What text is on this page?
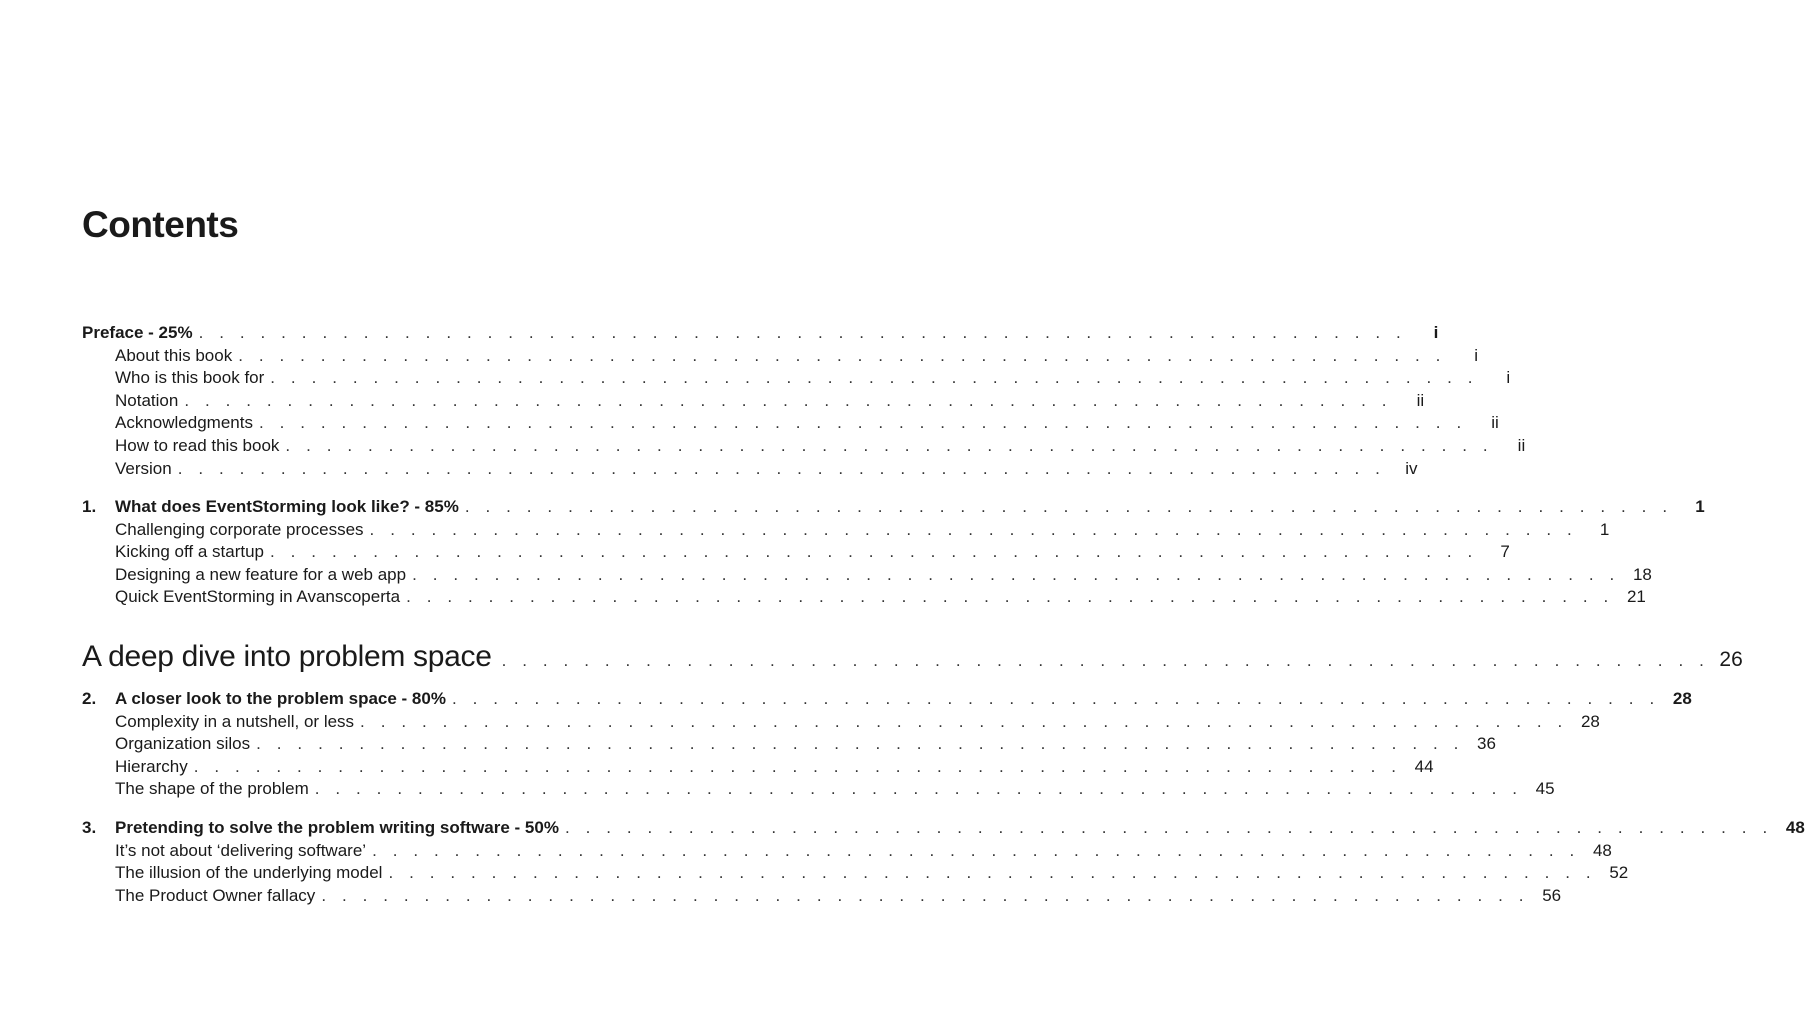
Contents
Preface - 25% . . . . . . . . . . . . . . . . . . . . . . . . . . . . . . . . . . . . . . . . . . . . . . . . . . . . . . . . . . .	i
About this book . . . . . . . . . . . . . . . . . . . . . . . . . . . . . . . . . . . . . . . . . . . . . . . . . . . . . . . . . . .	i
Who is this book for . . . . . . . . . . . . . . . . . . . . . . . . . . . . . . . . . . . . . . . . . . . . . . . . . . . . . . . . . . .	i
Notation . . . . . . . . . . . . . . . . . . . . . . . . . . . . . . . . . . . . . . . . . . . . . . . . . . . . . . . . . . .	ii
Acknowledgments . . . . . . . . . . . . . . . . . . . . . . . . . . . . . . . . . . . . . . . . . . . . . . . . . . . . . . . . . . .	ii
How to read this book . . . . . . . . . . . . . . . . . . . . . . . . . . . . . . . . . . . . . . . . . . . . . . . . . . . . . . . . . . .	ii
Version . . . . . . . . . . . . . . . . . . . . . . . . . . . . . . . . . . . . . . . . . . . . . . . . . . . . . . . . . . .	iv
1.	What does EventStorming look like? - 85% . . . . . . . . . . . . . . . . . . . . . . . . . . . . . . . . . . . . . . . . . . . . . . . . . . . . . . . . . . .	1
Challenging corporate processes . . . . . . . . . . . . . . . . . . . . . . . . . . . . . . . . . . . . . . . . . . . . . . . . . . . . . . . . . . .	1
Kicking off a startup . . . . . . . . . . . . . . . . . . . . . . . . . . . . . . . . . . . . . . . . . . . . . . . . . . . . . . . . . . .	7
Designing a new feature for a web app . . . . . . . . . . . . . . . . . . . . . . . . . . . . . . . . . . . . . . . . . . . . . . . . . . . . . . . . . . . 18
Quick EventStorming in Avanscoperta . . . . . . . . . . . . . . . . . . . . . . . . . . . . . . . . . . . . . . . . . . . . . . . . . . . . . . . . . . . 21
A deep dive into problem space . . . . . . . . . . . . . . . . . . . . . . . . . . . . . . . . . . . . . . . . . . . . . . . . . . . . . . . . . . . 26
2.	A closer look to the problem space - 80% . . . . . . . . . . . . . . . . . . . . . . . . . . . . . . . . . . . . . . . . . . . . . . . . . . . . . . . . . . . 28
Complexity in a nutshell, or less . . . . . . . . . . . . . . . . . . . . . . . . . . . . . . . . . . . . . . . . . . . . . . . . . . . . . . . . . . . 28
Organization silos . . . . . . . . . . . . . . . . . . . . . . . . . . . . . . . . . . . . . . . . . . . . . . . . . . . . . . . . . . . 36
Hierarchy . . . . . . . . . . . . . . . . . . . . . . . . . . . . . . . . . . . . . . . . . . . . . . . . . . . . . . . . . . . 44
The shape of the problem . . . . . . . . . . . . . . . . . . . . . . . . . . . . . . . . . . . . . . . . . . . . . . . . . . . . . . . . . . . 45
3.	Pretending to solve the problem writing software - 50% . . . . . . . . . . . . . . . . . . . . . . . . . . . . . . . . . . . . . . . . . . . . . . . . . . . . . . . . . . . 48
It’s not about ‘delivering software’ . . . . . . . . . . . . . . . . . . . . . . . . . . . . . . . . . . . . . . . . . . . . . . . . . . . . . . . . . . . 48
The illusion of the underlying model . . . . . . . . . . . . . . . . . . . . . . . . . . . . . . . . . . . . . . . . . . . . . . . . . . . . . . . . . . . 52
The Product Owner fallacy . . . . . . . . . . . . . . . . . . . . . . . . . . . . . . . . . . . . . . . . . . . . . . . . . . . . . . . . . . . 56
